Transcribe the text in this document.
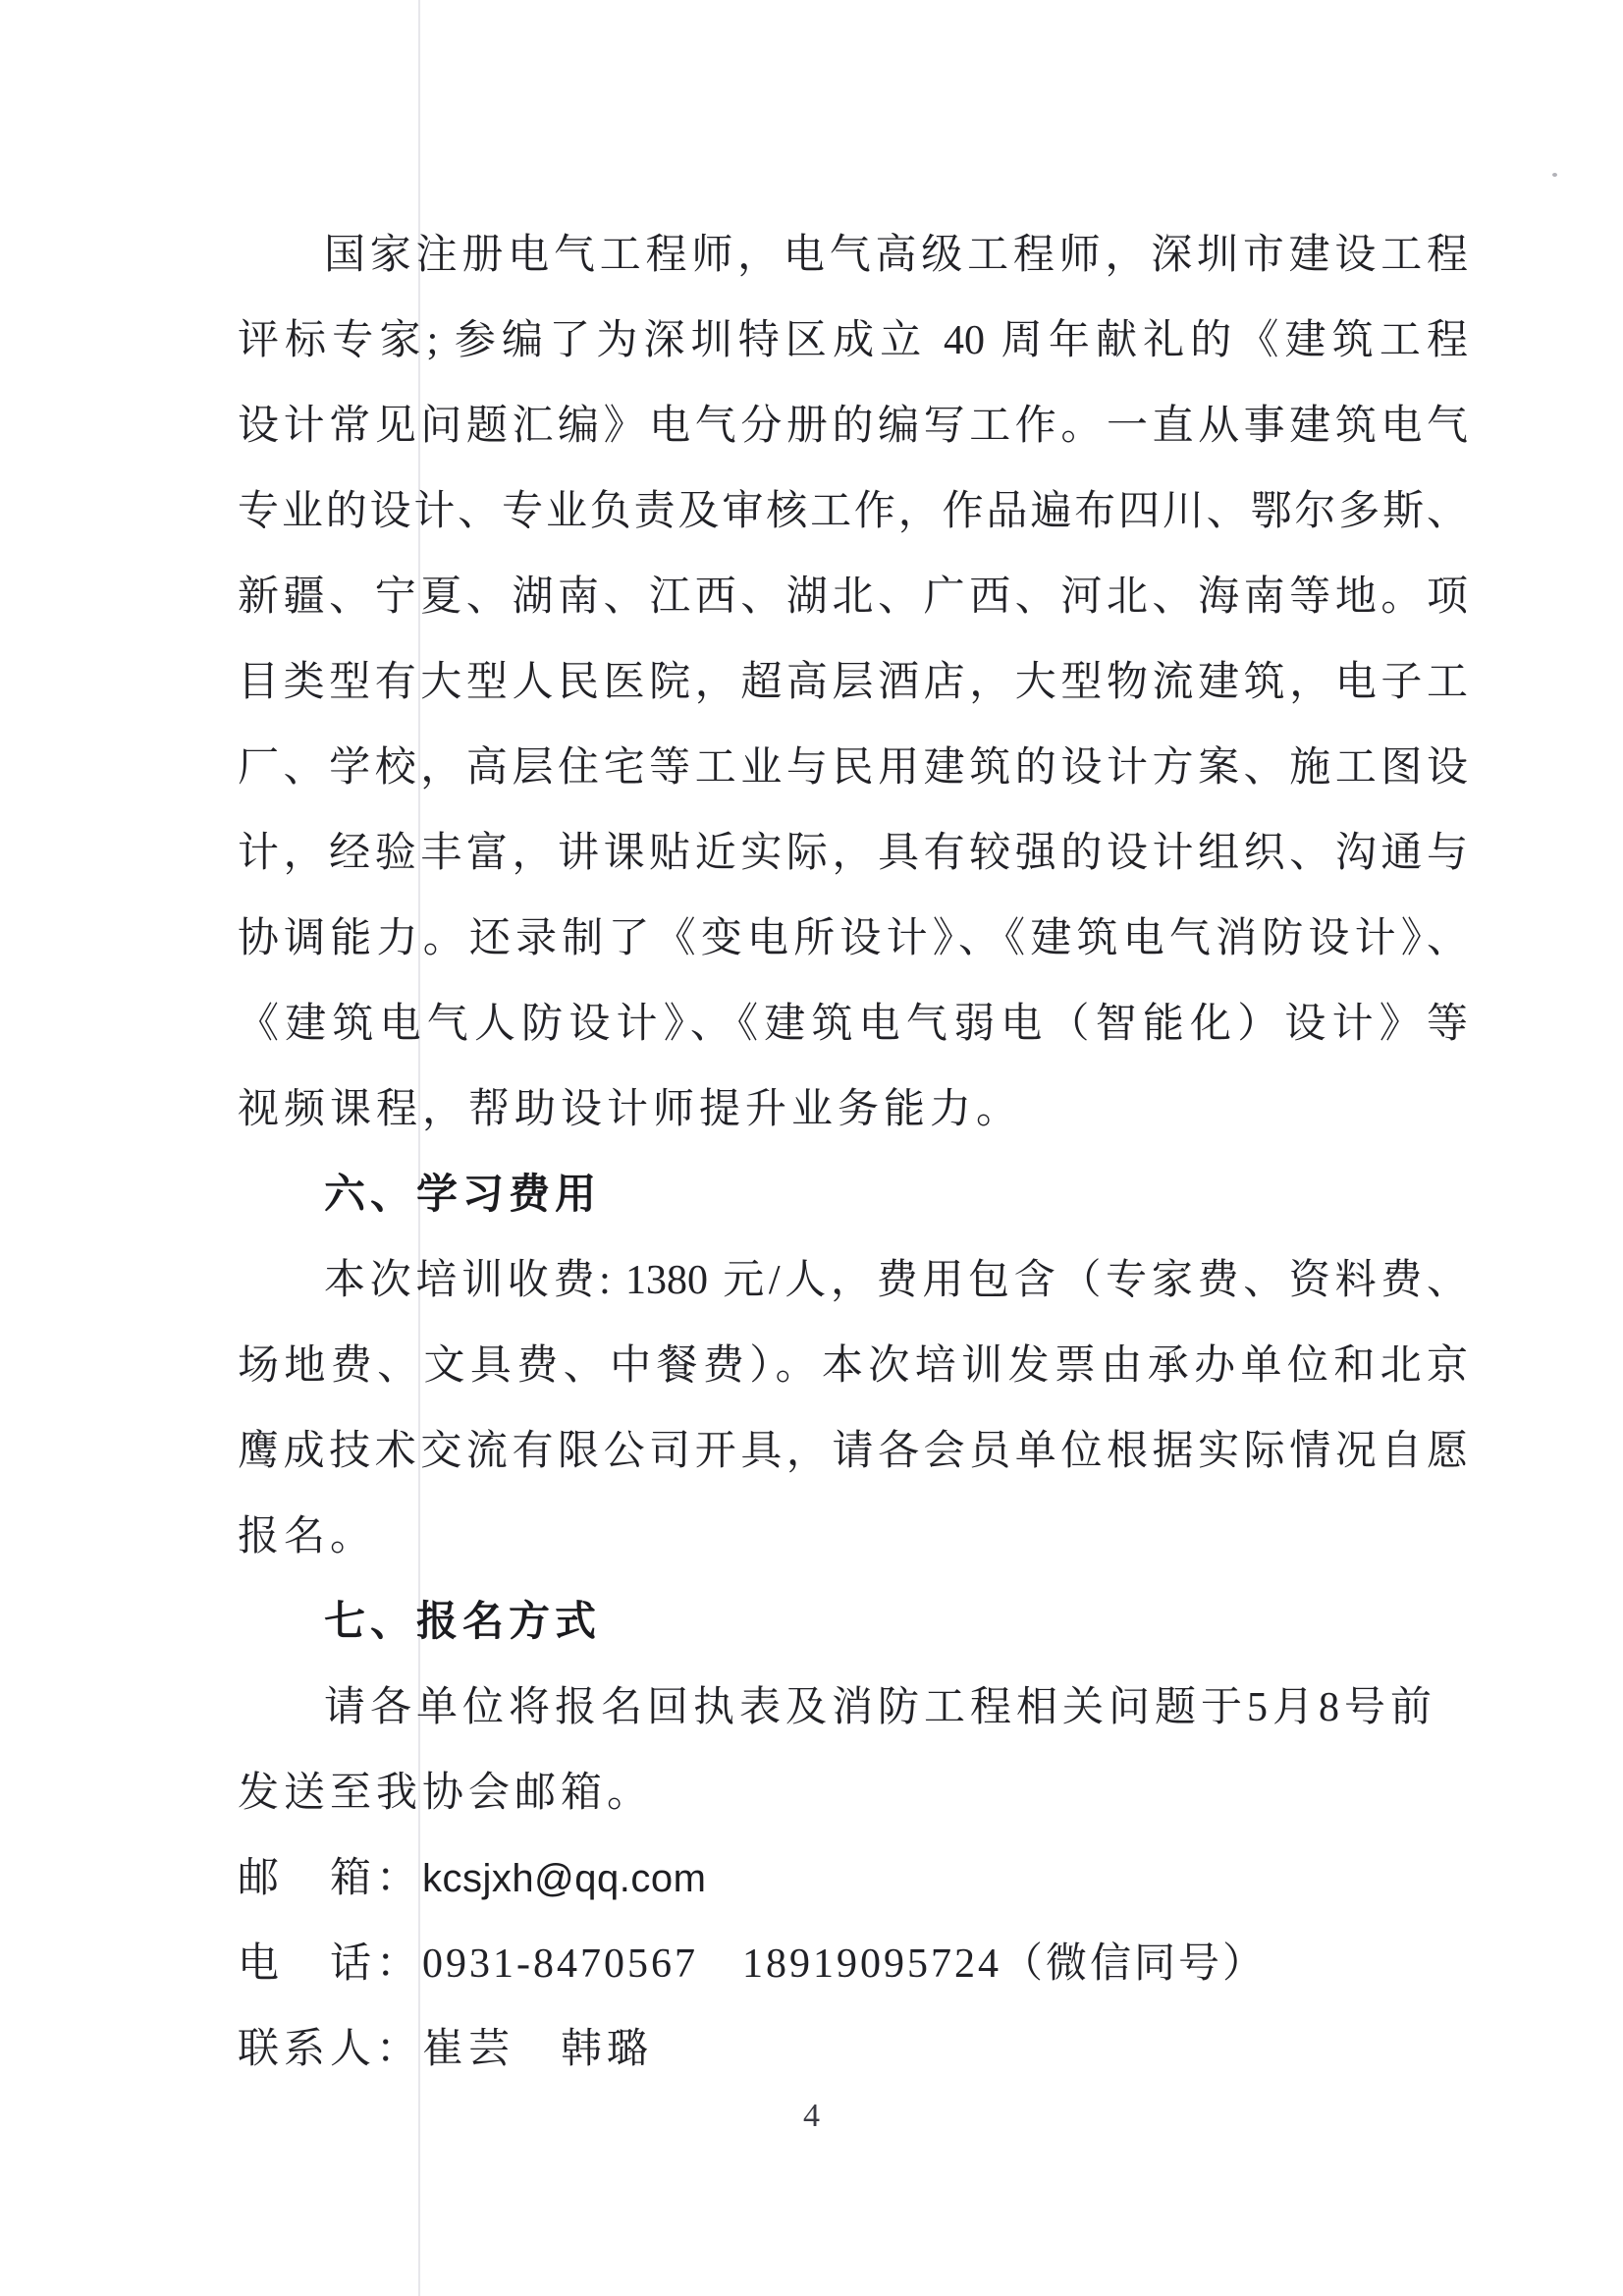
国家注册电气工程师，电气高级工程师，深圳市建设工程
评标专家; 参编了为深圳特区成立 40 周年献礼的《建筑工程
设计常见问题汇编》电气分册的编写工作。一直从事建筑电气
专业的设计、专业负责及审核工作，作品遍布四川、鄂尔多斯、
新疆、宁夏、湖南、江西、湖北、广西、河北、海南等地。项
目类型有大型人民医院，超高层酒店，大型物流建筑，电子工
厂、学校，高层住宅等工业与民用建筑的设计方案、施工图设
计，经验丰富，讲课贴近实际，具有较强的设计组织、沟通与
协调能力。还录制了《变电所设计》、《建筑电气消防设计》、
《建筑电气人防设计》、《建筑电气弱电（智能化）设计》等
视频课程，帮助设计师提升业务能力。
六、学习费用
本次培训收费: 1380 元/人，费用包含（专家费、资料费、
场地费、文具费、中餐费）。本次培训发票由承办单位和北京
鹰成技术交流有限公司开具，请各会员单位根据实际情况自愿
报名。
七、报名方式
请各单位将报名回执表及消防工程相关问题于5月8号前
发送至我协会邮箱。
邮　箱： kcsjxh@qq.com
电　话： 0931-8470567　18919095724（微信同号）
联系人： 崔芸　韩璐
4
